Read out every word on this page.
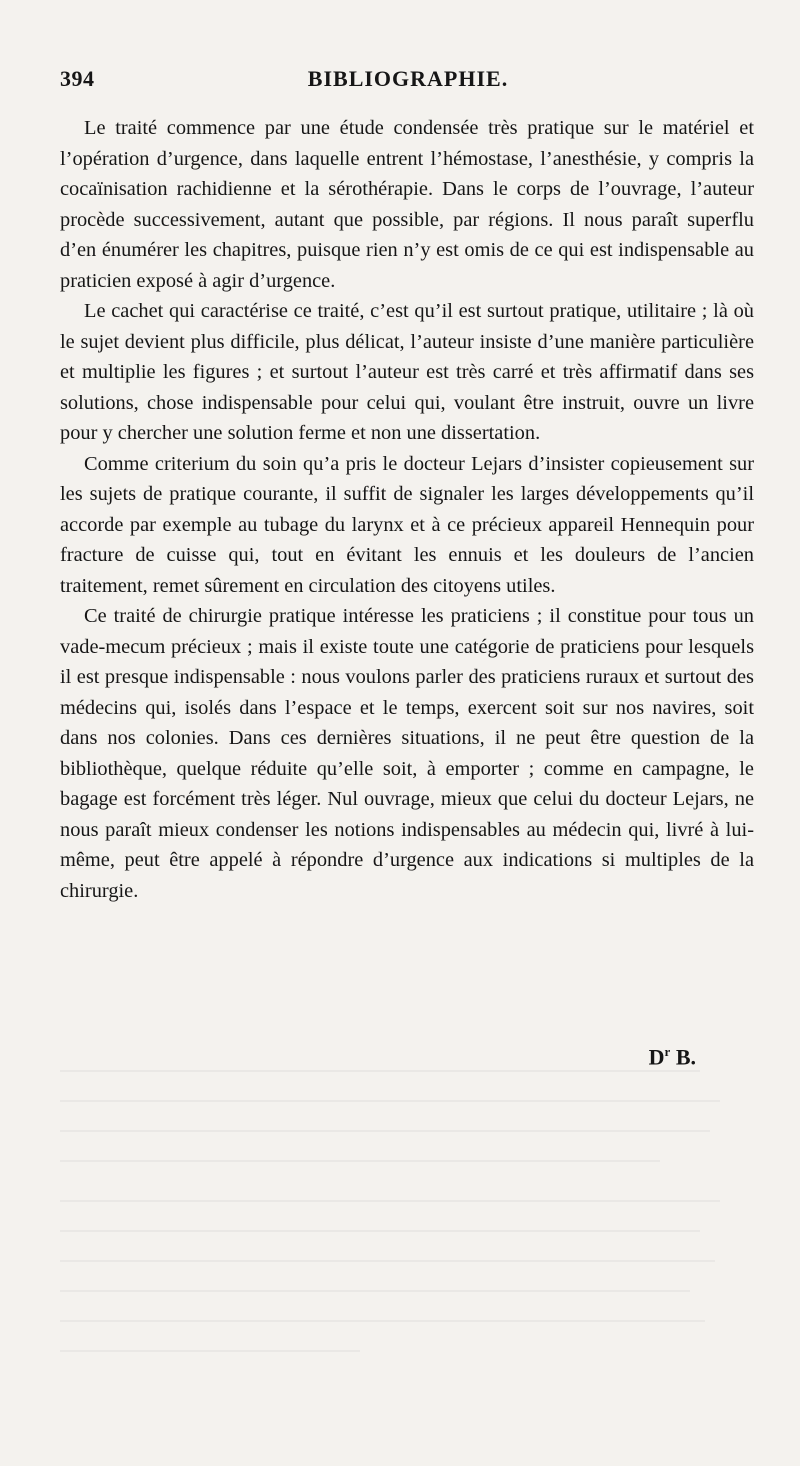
394	BIBLIOGRAPHIE.

Le traité commence par une étude condensée très pratique sur le matériel et l’opération d’urgence, dans laquelle entrent l’hémostase, l’anesthésie, y compris la cocaïnisation rachidienne et la sérothérapie. Dans le corps de l’ouvrage, l’auteur procède successivement, autant que possible, par régions. Il nous paraît superflu d’en énumérer les chapitres, puisque rien n’y est omis de ce qui est indispensable au praticien exposé à agir d’urgence.

Le cachet qui caractérise ce traité, c’est qu’il est surtout pratique, utilitaire ; là où le sujet devient plus difficile, plus délicat, l’auteur insiste d’une manière particulière et multiplie les figures ; et surtout l’auteur est très carré et très affirmatif dans ses solutions, chose indispensable pour celui qui, voulant être instruit, ouvre un livre pour y chercher une solution ferme et non une dissertation.

Comme criterium du soin qu’a pris le docteur Lejars d’insister copieusement sur les sujets de pratique courante, il suffit de signaler les larges développements qu’il accorde par exemple au tubage du larynx et à ce précieux appareil Hennequin pour fracture de cuisse qui, tout en évitant les ennuis et les douleurs de l’ancien traitement, remet sûrement en circulation des citoyens utiles.

Ce traité de chirurgie pratique intéresse les praticiens ; il constitue pour tous un vade-mecum précieux ; mais il existe toute une catégorie de praticiens pour lesquels il est presque indispensable : nous voulons parler des praticiens ruraux et surtout des médecins qui, isolés dans l’espace et le temps, exercent soit sur nos navires, soit dans nos colonies. Dans ces dernières situations, il ne peut être question de la bibliothèque, quelque réduite qu’elle soit, à emporter ; comme en campagne, le bagage est forcément très léger. Nul ouvrage, mieux que celui du docteur Lejars, ne nous paraît mieux condenser les notions indispensables au médecin qui, livré à lui-même, peut être appelé à répondre d’urgence aux indications si multiples de la chirurgie.

$D^r$ B.
